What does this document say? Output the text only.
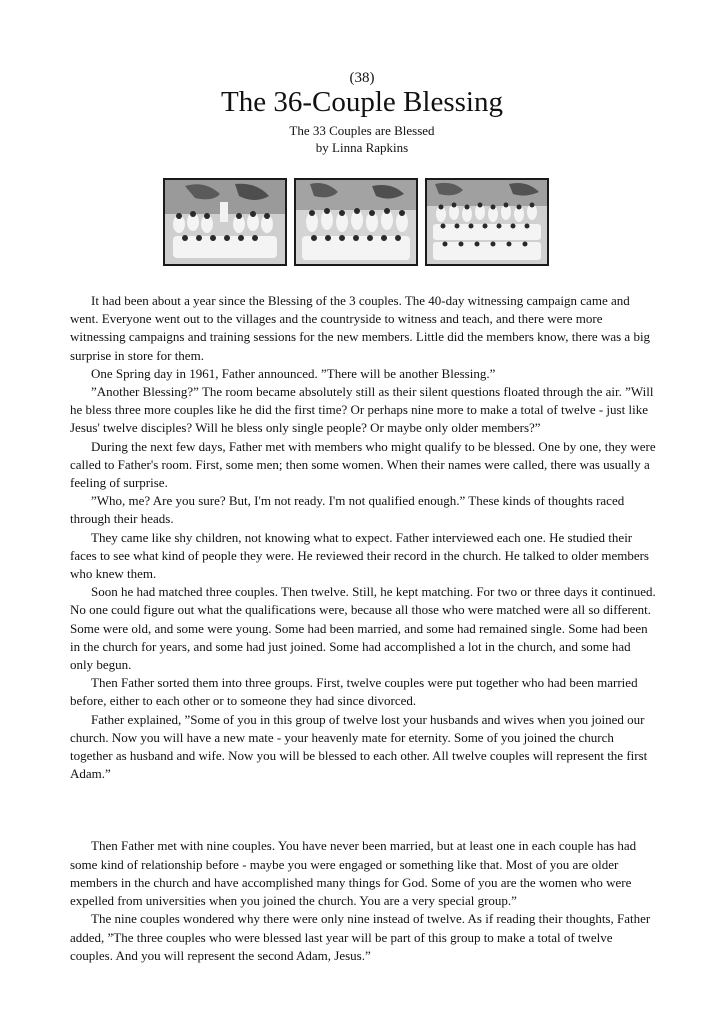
(38)
The 36-Couple Blessing
The 33 Couples are Blessed
by Linna Rapkins

It had been about a year since the Blessing of the 3 couples. The 40-day witnessing campaign came and went. Everyone went out to the villages and the countryside to witness and teach, and there were more witnessing campaigns and training sessions for the new members. Little did the members know, there was a big surprise in store for them.

One Spring day in 1961, Father announced. ”There will be another Blessing.”

”Another Blessing?” The room became absolutely still as their silent questions floated through the air. ”Will he bless three more couples like he did the first time? Or perhaps nine more to make a total of twelve - just like Jesus' twelve disciples? Will he bless only single people? Or maybe only older members?”

During the next few days, Father met with members who might qualify to be blessed. One by one, they were called to Father's room. First, some men; then some women. When their names were called, there was usually a feeling of surprise.

”Who, me? Are you sure? But, I'm not ready. I'm not qualified enough.” These kinds of thoughts raced through their heads.

They came like shy children, not knowing what to expect. Father interviewed each one. He studied their faces to see what kind of people they were. He reviewed their record in the church. He talked to older members who knew them.

Soon he had matched three couples. Then twelve. Still, he kept matching. For two or three days it continued. No one could figure out what the qualifications were, because all those who were matched were all so different. Some were old, and some were young. Some had been married, and some had remained single. Some had been in the church for years, and some had just joined. Some had accomplished a lot in the church, and some had only begun.

Then Father sorted them into three groups. First, twelve couples were put together who had been married before, either to each other or to someone they had since divorced.

Father explained, ”Some of you in this group of twelve lost your husbands and wives when you joined our church. Now you will have a new mate - your heavenly mate for eternity. Some of you joined the church together as husband and wife. Now you will be blessed to each other. All twelve couples will represent the first Adam.”

Then Father met with nine couples. You have never been married, but at least one in each couple has had some kind of relationship before - maybe you were engaged or something like that. Most of you are older members in the church and have accomplished many things for God. Some of you are the women who were expelled from universities when you joined the church. You are a very special group.”

The nine couples wondered why there were only nine instead of twelve. As if reading their thoughts, Father added, ”The three couples who were blessed last year will be part of this group to make a total of twelve couples. And you will represent the second Adam, Jesus.”
